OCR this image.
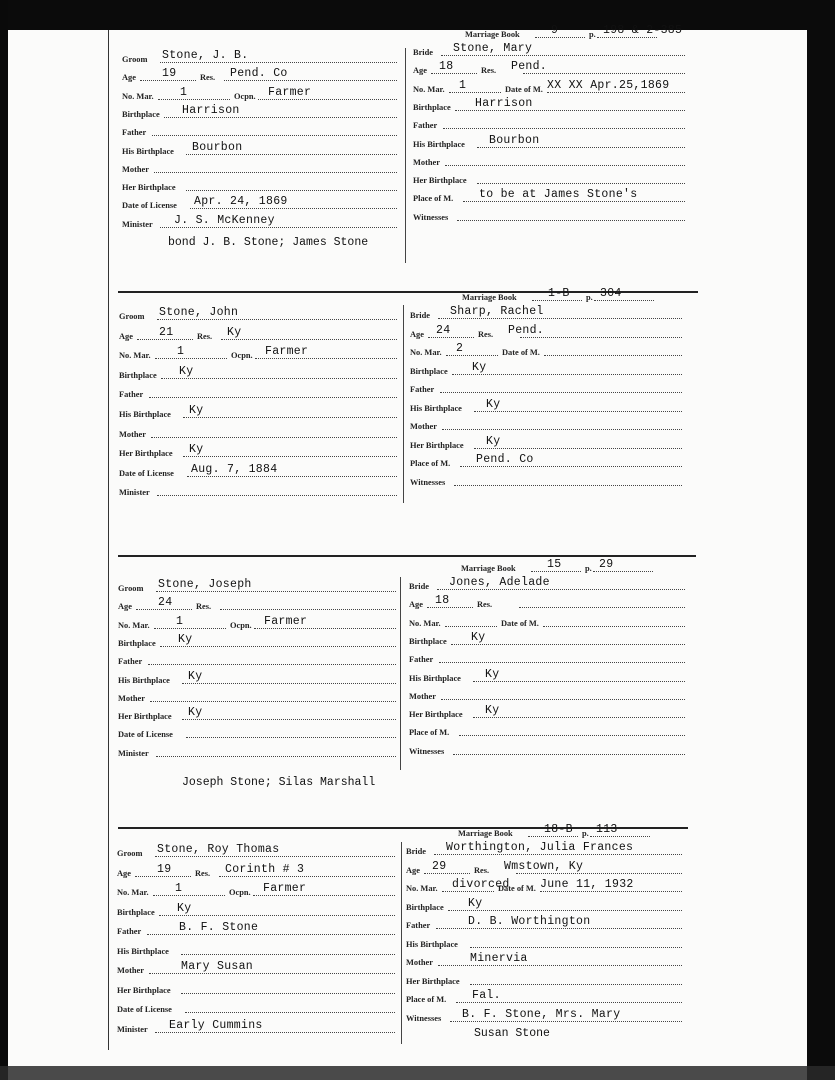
Groom Stone, J. B.
Age 19	Res. Pend. Co
No. Mar. 1	Ocpn. Farmer
Birthplace Harrison
Father
His Birthplace Bourbon
Mother
Her Birthplace
Date of License Apr. 24, 1869
Minister J. S. McKenney
Marriage Book	9	p. 198 & 2-385
Bride Stone, Mary
Age 18	Res. Pend.
No. Mar. 1	Date of M. XX XX Apr.25,1869
Birthplace Harrison
Father
His Birthplace Bourbon
Mother
Her Birthplace
Place of M. to be at James Stone's
Witnesses
bond J. B. Stone; James Stone
Groom Stone, John
Age 21	Res. Ky
No. Mar. 1	Ocpn. Farmer
Birthplace Ky
Father
His Birthplace Ky
Mother
Her Birthplace Ky
Date of License Aug. 7, 1884
Minister
Marriage Book	1-B p. 304
Bride Sharp, Rachel
Age 24	Res. Pend.
No. Mar. 2	Date of M.
Birthplace Ky
Father
His Birthplace Ky
Mother
Her Birthplace Ky
Place of M. Pend. Co
Witnesses
Groom Stone, Joseph
Age 24	Res.
No. Mar. 1	Ocpn. Farmer
Birthplace Ky
Father
His Birthplace Ky
Mother
Her Birthplace Ky
Date of License
Minister
Marriage Book	15	p. 29
Bride Jones, Adelade
Age 18	Res.
No. Mar.	Date of M.
Birthplace Ky
Father
His Birthplace Ky
Mother
Her Birthplace Ky
Place of M.
Witnesses
Joseph Stone; Silas Marshall
Groom Stone, Roy Thomas
Age 19	Res. Corinth # 3
No. Mar. 1	Ocpn. Farmer
Birthplace Ky
Father	B. F. Stone
His Birthplace
Mother	Mary Susan
Her Birthplace
Date of License
Minister Early Cummins
Marriage Book	18-B p. 113
Bride Worthington, Julia Frances
Age 29	Res. Wmstown, Ky
No. Mar. divorced
Date of M. June 11, 1932
Birthplace Ky
Father	D. B. Worthington
His Birthplace
Mother	Minervia
Her Birthplace
Place of M. Fal.
Witnesses B. F. Stone, Mrs. Mary
Susan Stone
